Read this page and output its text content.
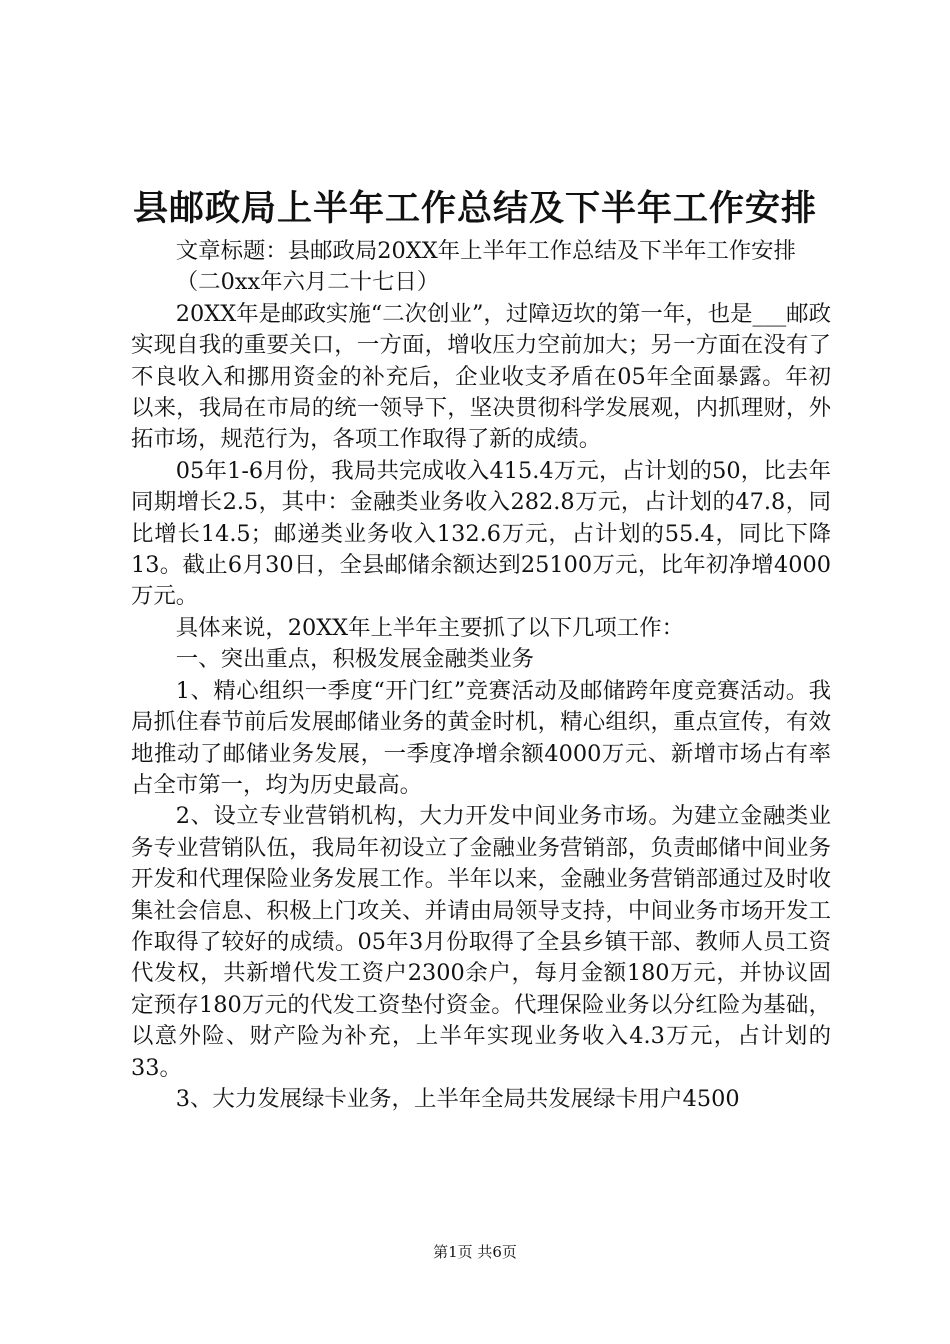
县邮政局上半年工作总结及下半年工作安排

文章标题：县邮政局20XX年上半年工作总结及下半年工作安排

（二0xx年六月二十七日）

20XX年是邮政实施“二次创业”，过障迈坎的第一年，也是___邮政实现自我的重要关口，一方面，增收压力空前加大；另一方面在没有了不良收入和挪用资金的补充后，企业收支矛盾在05年全面暴露。年初以来，我局在市局的统一领导下，坚决贯彻科学发展观，内抓理财，外拓市场，规范行为，各项工作取得了新的成绩。

05年1-6月份，我局共完成收入415.4万元，占计划的50，比去年同期增长2.5，其中：金融类业务收入282.8万元，占计划的47.8，同比增长14.5；邮递类业务收入132.6万元，占计划的55.4，同比下降13。截止6月30日，全县邮储余额达到25100万元，比年初净增4000万元。

具体来说，20XX年上半年主要抓了以下几项工作：

一、突出重点，积极发展金融类业务

1、精心组织一季度“开门红”竞赛活动及邮储跨年度竞赛活动。我局抓住春节前后发展邮储业务的黄金时机，精心组织，重点宣传，有效地推动了邮储业务发展，一季度净增余额4000万元、新增市场占有率占全市第一，均为历史最高。

2、设立专业营销机构，大力开发中间业务市场。为建立金融类业务专业营销队伍，我局年初设立了金融业务营销部，负责邮储中间业务开发和代理保险业务发展工作。半年以来，金融业务营销部通过及时收集社会信息、积极上门攻关、并请由局领导支持，中间业务市场开发工作取得了较好的成绩。05年3月份取得了全县乡镇干部、教师人员工资代发权，共新增代发工资户2300余户，每月金额180万元，并协议固定预存180万元的代发工资垫付资金。代理保险业务以分红险为基础，以意外险、财产险为补充，上半年实现业务收入4.3万元，占计划的33。

3、大力发展绿卡业务，上半年全局共发展绿卡用户4500

第1页 共6页
